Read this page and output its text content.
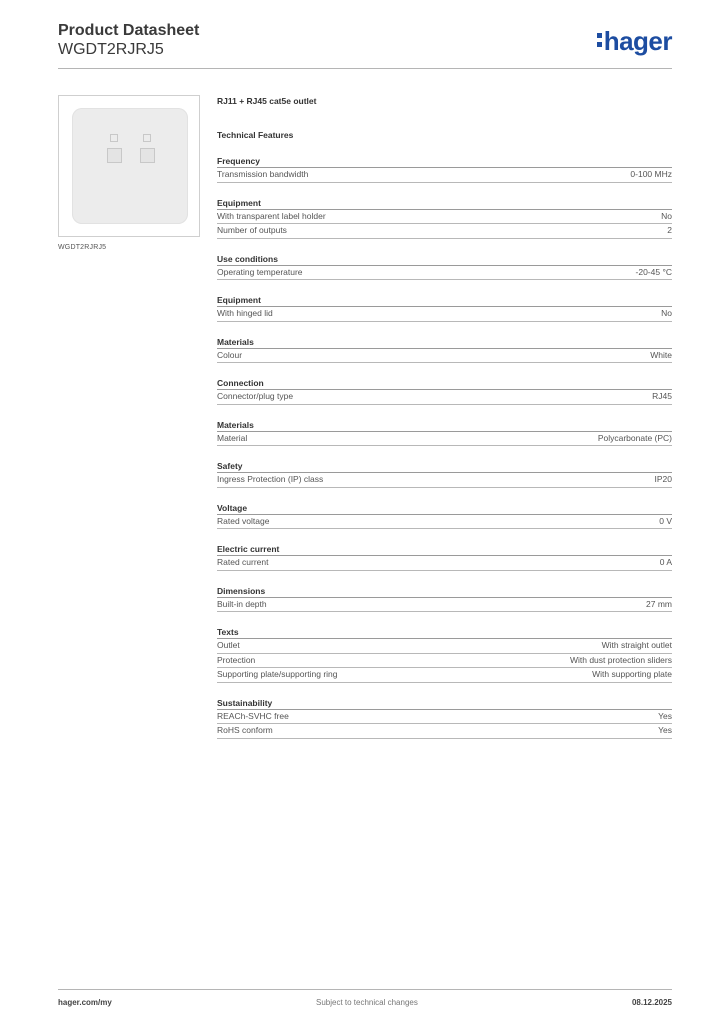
Product Datasheet
WGDT2RJRJ5	hager
WGDT2RJRJ5
RJ11 + RJ45 cat5e outlet
Technical Features
Frequency
Transmission bandwidth	0-100 MHz
Equipment
With transparent label holder	No
Number of outputs	2
Use conditions
Operating temperature	-20-45 °C
Equipment
With hinged lid	No
Materials
Colour	White
Connection
Connector/plug type	RJ45
Materials
Material	Polycarbonate (PC)
Safety
Ingress Protection (IP) class	IP20
Voltage
Rated voltage	0 V
Electric current
Rated current	0 A
Dimensions
Built-in depth	27 mm
Texts
Outlet	With straight outlet
Protection	With dust protection sliders
Supporting plate/supporting ring	With supporting plate
Sustainability
REACh-SVHC free	Yes
RoHS conform	Yes
hager.com/my	Subject to technical changes	08.12.2025
